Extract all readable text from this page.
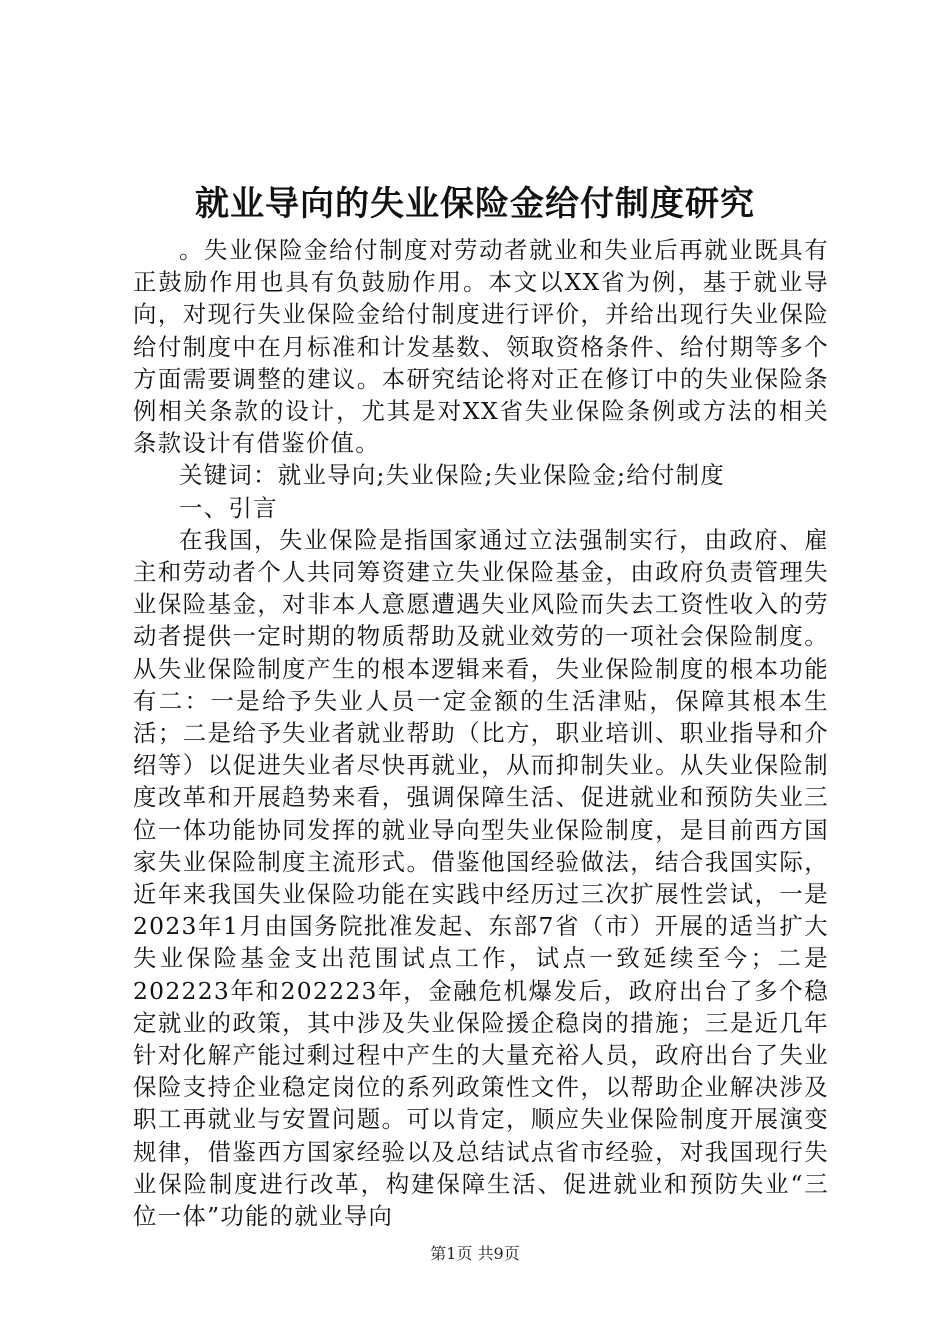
就业导向的失业保险金给付制度研究

。失业保险金给付制度对劳动者就业和失业后再就业既具有正鼓励作用也具有负鼓励作用。本文以XX省为例，基于就业导向，对现行失业保险金给付制度进行评价，并给出现行失业保险给付制度中在月标准和计发基数、领取资格条件、给付期等多个方面需要调整的建议。本研究结论将对正在修订中的失业保险条例相关条款的设计，尤其是对XX省失业保险条例或方法的相关条款设计有借鉴价值。

关键词：就业导向;失业保险;失业保险金;给付制度

一、引言

在我国，失业保险是指国家通过立法强制实行，由政府、雇主和劳动者个人共同筹资建立失业保险基金，由政府负责管理失业保险基金，对非本人意愿遭遇失业风险而失去工资性收入的劳动者提供一定时期的物质帮助及就业效劳的一项社会保险制度。从失业保险制度产生的根本逻辑来看，失业保险制度的根本功能有二：一是给予失业人员一定金额的生活津贴，保障其根本生活；二是给予失业者就业帮助（比方，职业培训、职业指导和介绍等）以促进失业者尽快再就业，从而抑制失业。从失业保险制度改革和开展趋势来看，强调保障生活、促进就业和预防失业三位一体功能协同发挥的就业导向型失业保险制度，是目前西方国家失业保险制度主流形式。借鉴他国经验做法，结合我国实际，近年来我国失业保险功能在实践中经历过三次扩展性尝试，一是2023年1月由国务院批准发起、东部7省（市）开展的适当扩大失业保险基金支出范围试点工作，试点一致延续至今；二是202223年和202223年，金融危机爆发后，政府出台了多个稳定就业的政策，其中涉及失业保险援企稳岗的措施；三是近几年针对化解产能过剩过程中产生的大量充裕人员，政府出台了失业保险支持企业稳定岗位的系列政策性文件，以帮助企业解决涉及职工再就业与安置问题。可以肯定，顺应失业保险制度开展演变规律，借鉴西方国家经验以及总结试点省市经验，对我国现行失业保险制度进行改革，构建保障生活、促进就业和预防失业“三位一体”功能的就业导向

第1页 共9页
